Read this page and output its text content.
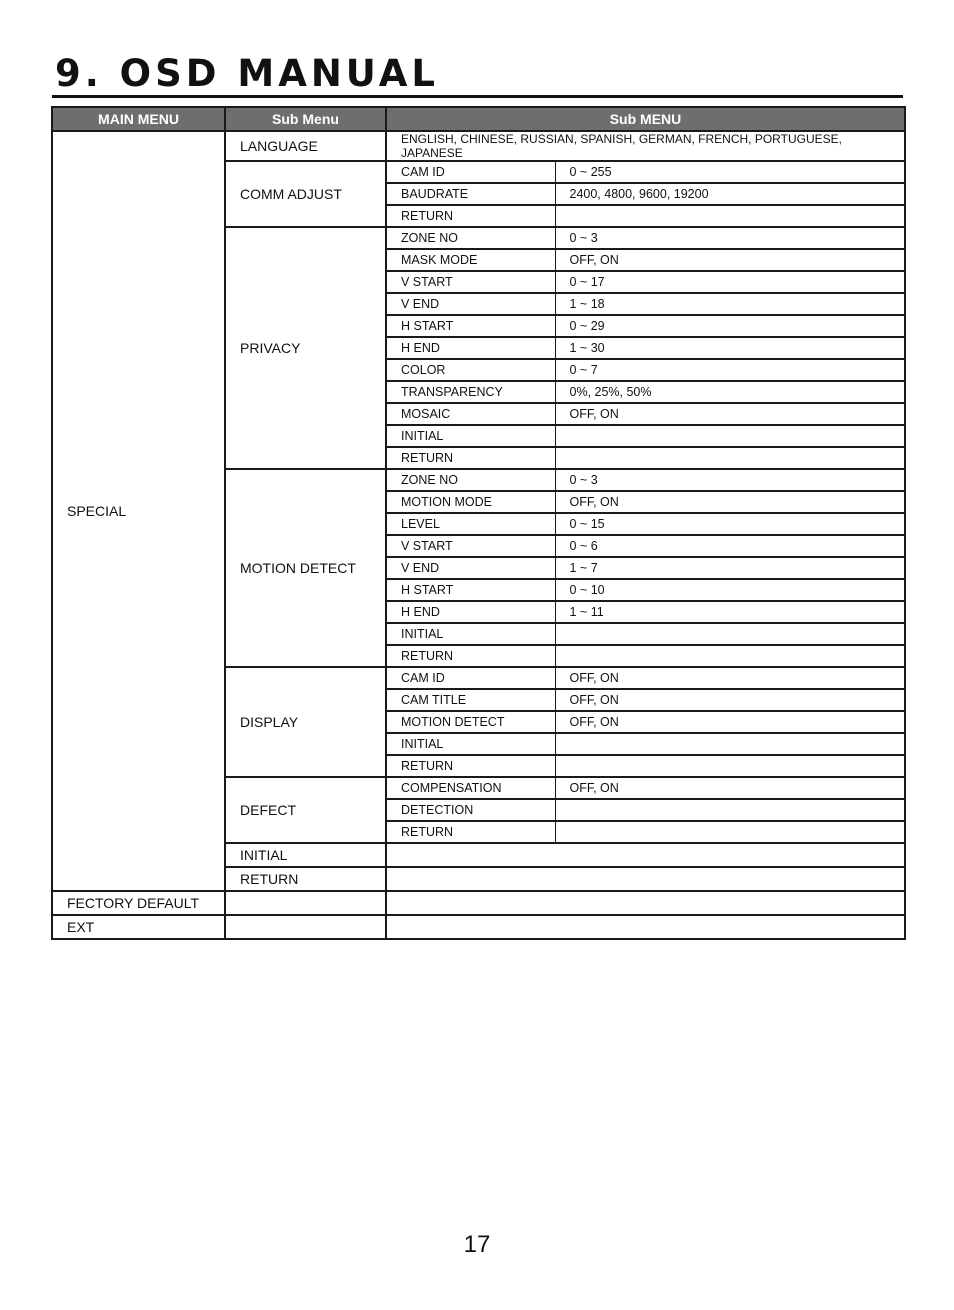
9. OSD MANUAL
MAIN MENU	Sub Menu	Sub MENU	
SPECIAL	LANGUAGE	ENGLISH, CHINESE, RUSSIAN, SPANISH, GERMAN, FRENCH, PORTUGUESE, JAPANESE	
	COMM ADJUST	CAM ID	0 ~ 255
		BAUDRATE	2400, 4800, 9600, 19200
		RETURN	
	PRIVACY	ZONE NO	0 ~ 3
		MASK MODE	OFF, ON
		V START	0 ~ 17
		V END	1 ~ 18
		H START	0 ~ 29
		H END	1 ~ 30
		COLOR	0 ~ 7
		TRANSPARENCY	0%, 25%, 50%
		MOSAIC	OFF, ON
		INITIAL	
		RETURN	
	MOTION DETECT	ZONE NO	0 ~ 3
		MOTION MODE	OFF, ON
		LEVEL	0 ~ 15
		V START	0 ~ 6
		V END	1 ~ 7
		H START	0 ~ 10
		H END	1 ~ 11
		INITIAL	
		RETURN	
	DISPLAY	CAM ID	OFF, ON
		CAM TITLE	OFF, ON
		MOTION DETECT	OFF, ON
		INITIAL	
		RETURN	
	DEFECT	COMPENSATION	OFF, ON
		DETECTION	
		RETURN	
	INITIAL		
	RETURN		
FECTORY DEFAULT			
EXT			
17
